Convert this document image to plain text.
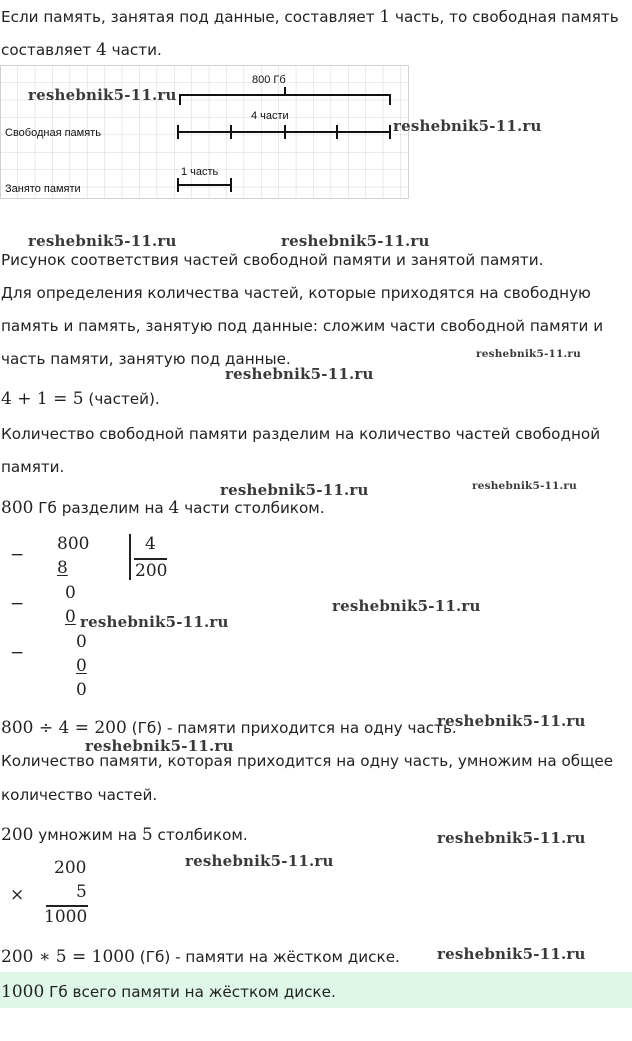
Если память, занятая под данные, составляет 1 часть, то свободная память
составляет 4 части.
800 Гб
4 части
Свободная память
1 часть
Занято памяти
Рисунок соответствия частей свободной памяти и занятой памяти.
Для определения количества частей, которые приходятся на свободную
память и память, занятую под данные: сложим части свободной памяти и
часть памяти, занятую под данные.
4 + 1 = 5 (частей).
Количество свободной памяти разделим на количество частей свободной
памяти.
800 Гб разделим на 4 части столбиком.
−
800
8
4
200
−
0
0
−
0
0
0
800 ÷ 4 = 200 (Гб) - памяти приходится на одну часть.
Количество памяти, которая приходится на одну часть, умножим на общее
количество частей.
200 умножим на 5 столбиком.
200
×	5
1000
200 ∗ 5 = 1000 (Гб) - памяти на жёстком диске.
1000 Гб всего памяти на жёстком диске.
reshebnik5-11.ru
reshebnik5-11.ru
reshebnik5-11.ru	reshebnik5-11.ru
reshebnik5-11.ru
reshebnik5-11.ru
reshebnik5-11.ru	reshebnik5-11.ru
reshebnik5-11.ru
reshebnik5-11.ru
reshebnik5-11.ru
reshebnik5-11.ru
reshebnik5-11.ru
reshebnik5-11.ru
reshebnik5-11.ru
